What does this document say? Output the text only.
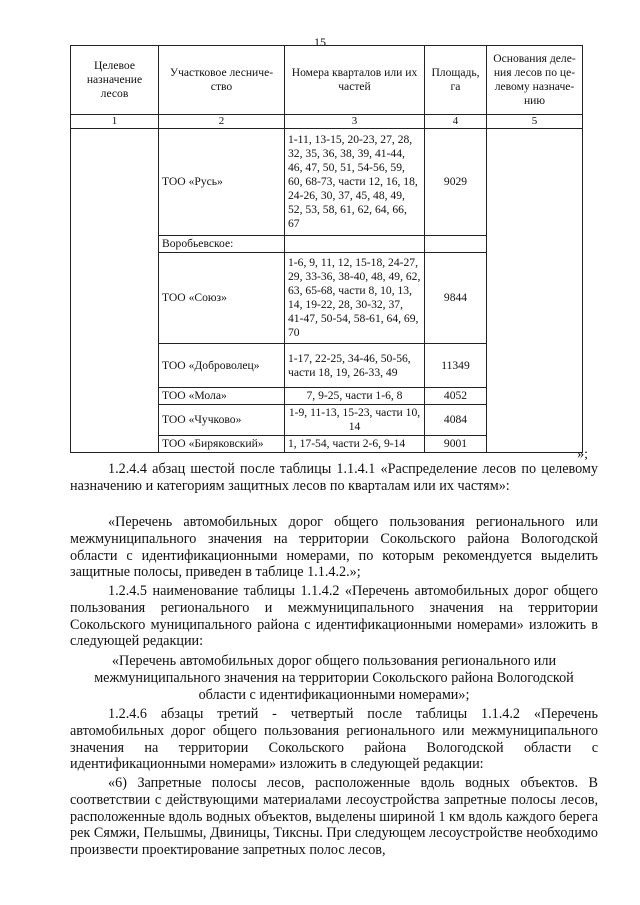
15
Целевое назначение лесов	Участковое лесниче-ство	Номера кварталов или их частей	Площадь, га	Основания деле-ния лесов по це-левому назначе-нию
1	2	3	4	5
	ТОО «Русь»	1-11, 13-15, 20-23, 27, 28, 32, 35, 36, 38, 39, 41-44, 46, 47, 50, 51, 54-56, 59, 60, 68-73, части 12, 16, 18, 24-26, 30, 37, 45, 48, 49, 52, 53, 58, 61, 62, 64, 66, 67	9029	
	Воробьевское:			
	ТОО «Союз»	1-6, 9, 11, 12, 15-18, 24-27, 29, 33-36, 38-40, 48, 49, 62, 63, 65-68, части 8, 10, 13, 14, 19-22, 28, 30-32, 37, 41-47, 50-54, 58-61, 64, 69, 70	9844	
	ТОО «Доброволец»	1-17, 22-25, 34-46, 50-56, части 18, 19, 26-33, 49	11349	
	ТОО «Мола»	7, 9-25, части 1-6, 8	4052	
	ТОО «Чучково»	1-9, 11-13, 15-23, части 10, 14	4084	
	ТОО «Биряковский»	1, 17-54, части 2-6, 9-14	9001	
»;

1.2.4.4 абзац шестой после таблицы 1.1.4.1 «Распределение лесов по целевому назначению и категориям защитных лесов по кварталам или их частям»:

«Перечень автомобильных дорог общего пользования регионального или межмуниципального значения на территории Сокольского района Вологодской области с идентификационными номерами, по которым рекомендуется выделить защитные полосы, приведен в таблице 1.1.4.2.»;

1.2.4.5 наименование таблицы 1.1.4.2 «Перечень автомобильных дорог общего пользования регионального и межмуниципального значения на территории Сокольского муниципального района с идентификационными номерами» изложить в следующей редакции:

«Перечень автомобильных дорог общего пользования регионального или межмуниципального значения на территории Сокольского района Вологодской области с идентификационными номерами»;

1.2.4.6 абзацы третий - четвертый после таблицы 1.1.4.2 «Перечень автомобильных дорог общего пользования регионального или межмуниципального значения на территории Сокольского района Вологодской области с идентификационными номерами» изложить в следующей редакции:

«6) Запретные полосы лесов, расположенные вдоль водных объектов. В соответствии с действующими материалами лесоустройства запретные полосы лесов, расположенные вдоль водных объектов, выделены шириной 1 км вдоль каждого берега рек Сямжи, Пельшмы, Двиницы, Тиксны. При следующем лесоустройстве необходимо произвести проектирование запретных полос лесов,
